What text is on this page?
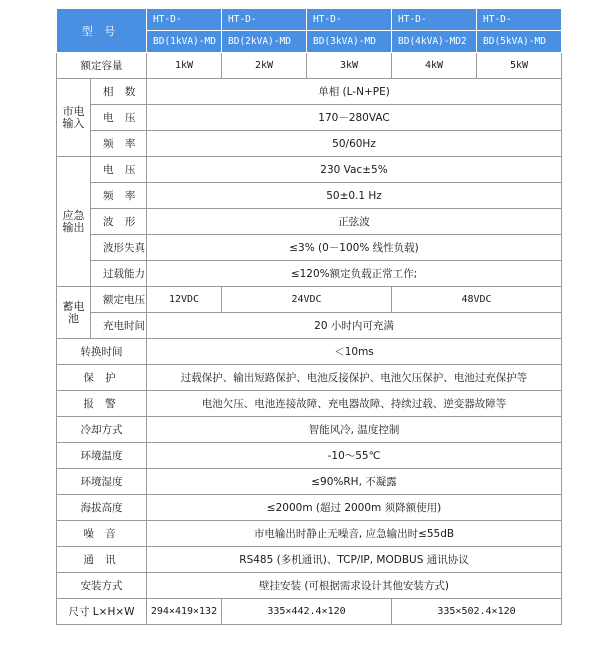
型 号		HT-D-	HT-D-	HT-D-	HT-D-	HT-D-
		BD(1kVA)-MD	BD(2kVA)-MD	BD(3kVA)-MD	BD(4kVA)-MD2	BD(5kVA)-MD
额定容量		1kW	2kW	3kW	4kW	5kW
市电输入	相 数	单相 (L-N+PE)				
	电 压	170－280VAC				
	频 率	50/60Hz				
应急输出	电 压	230 Vac±5%				
	频 率	50±0.1 Hz				
	波 形	正弦波				
	波形失真	≤3% (0－100% 线性负载)				
	过载能力	≤120%额定负载正常工作;				
蓄电池	额定电压	12VDC	24VDC		48VDC	
	充电时间	20 小时内可充满				
转换时间		＜10ms				
保 护		过载保护、输出短路保护、电池反接保护、电池欠压保护、电池过充保护等				
报 警		电池欠压、电池连接故障、充电器故障、持续过载、逆变器故障等				
冷却方式		智能风冷, 温度控制				
环境温度		-10～55℃				
环境湿度		≤90%RH, 不凝露				
海拔高度		≤2000m (超过 2000m 须降额使用)				
噪 音		市电输出时静止无噪音, 应急输出时≤55dB				
通 讯		RS485 (多机通讯)、TCP/IP, MODBUS 通讯协议				
安装方式		壁挂安装 (可根据需求设计其他安装方式)				
尺寸 L×H×W		294×419×132	335×442.4×120		335×502.4×120	
